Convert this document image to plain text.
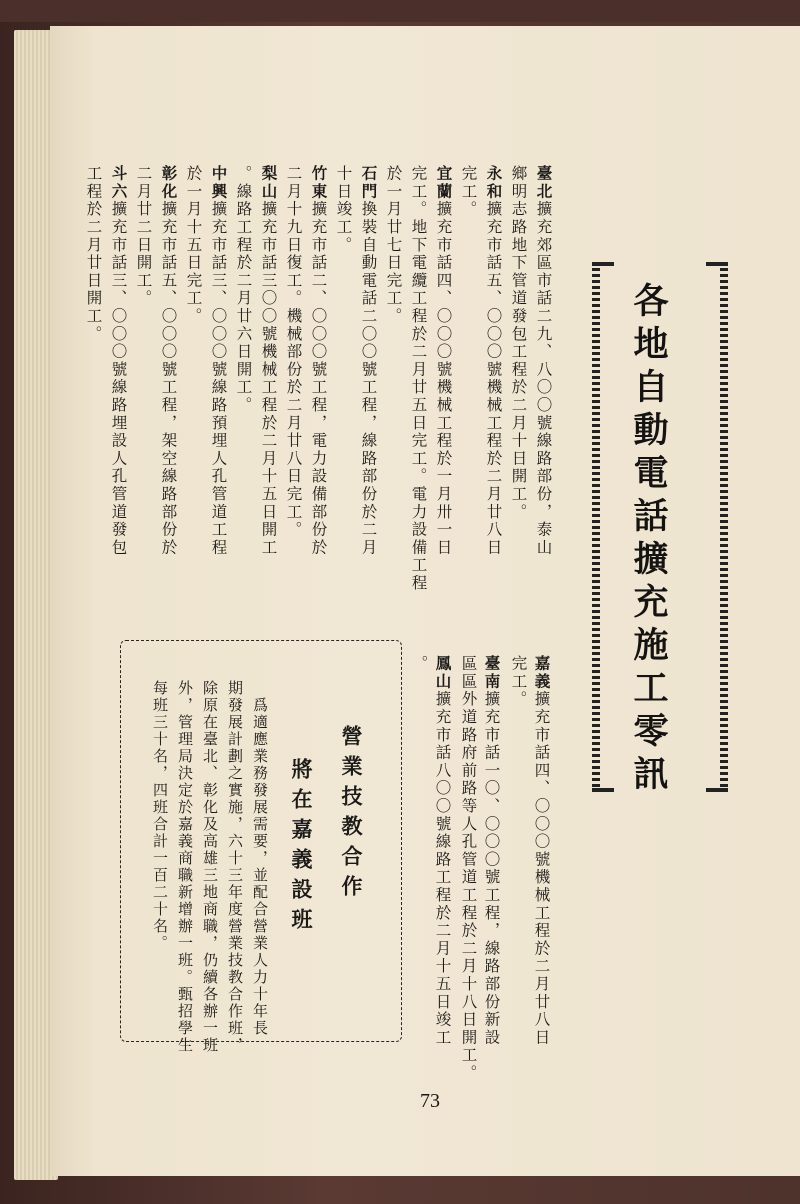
各地自動電話擴充施工零訊
嘉義擴充市話四、〇〇〇號機械工程於二月廿八日
完工。
臺南擴充市話一〇、〇〇〇號工程，線路部份新設
區區外道路府前路等人孔管道工程於二月十八日開工。
鳳山擴充市話八〇〇號線路工程於二月十五日竣工
。
臺北擴充郊區市話二九、八〇〇號線路部份，泰山
鄉明志路地下管道發包工程於二月十日開工。
永和擴充市話五、〇〇〇號機械工程於二月廿八日
完工。
宜蘭擴充市話四、〇〇〇號機械工程於一月卅一日
完工。地下電纜工程於二月廿五日完工。電力設備工程
於一月廿七日完工。
石門換裝自動電話二〇〇號工程，線路部份於二月
十日竣工。
竹東擴充市話二、〇〇〇號工程，電力設備部份於
二月十九日復工。機械部份於二月廿八日完工。
梨山擴充市話三〇〇號機械工程於二月十五日開工
。線路工程於二月廿六日開工。
中興擴充市話三、〇〇〇號線路預埋人孔管道工程
於一月十五日完工。
彰化擴充市話五、〇〇〇號工程，架空線路部份於
二月廿二日開工。
斗六擴充市話三、〇〇〇號線路埋設人孔管道發包
工程於二月廿日開工。
營業技教合作
將在嘉義設班
爲適應業務發展需要，並配合營業人力十年長
期發展計劃之實施，六十三年度營業技教合作班，
除原在臺北、彰化及高雄三地商職，仍續各辦一班
外，管理局決定於嘉義商職新增辦一班。甄招學生
每班三十名，四班合計一百二十名。
73
